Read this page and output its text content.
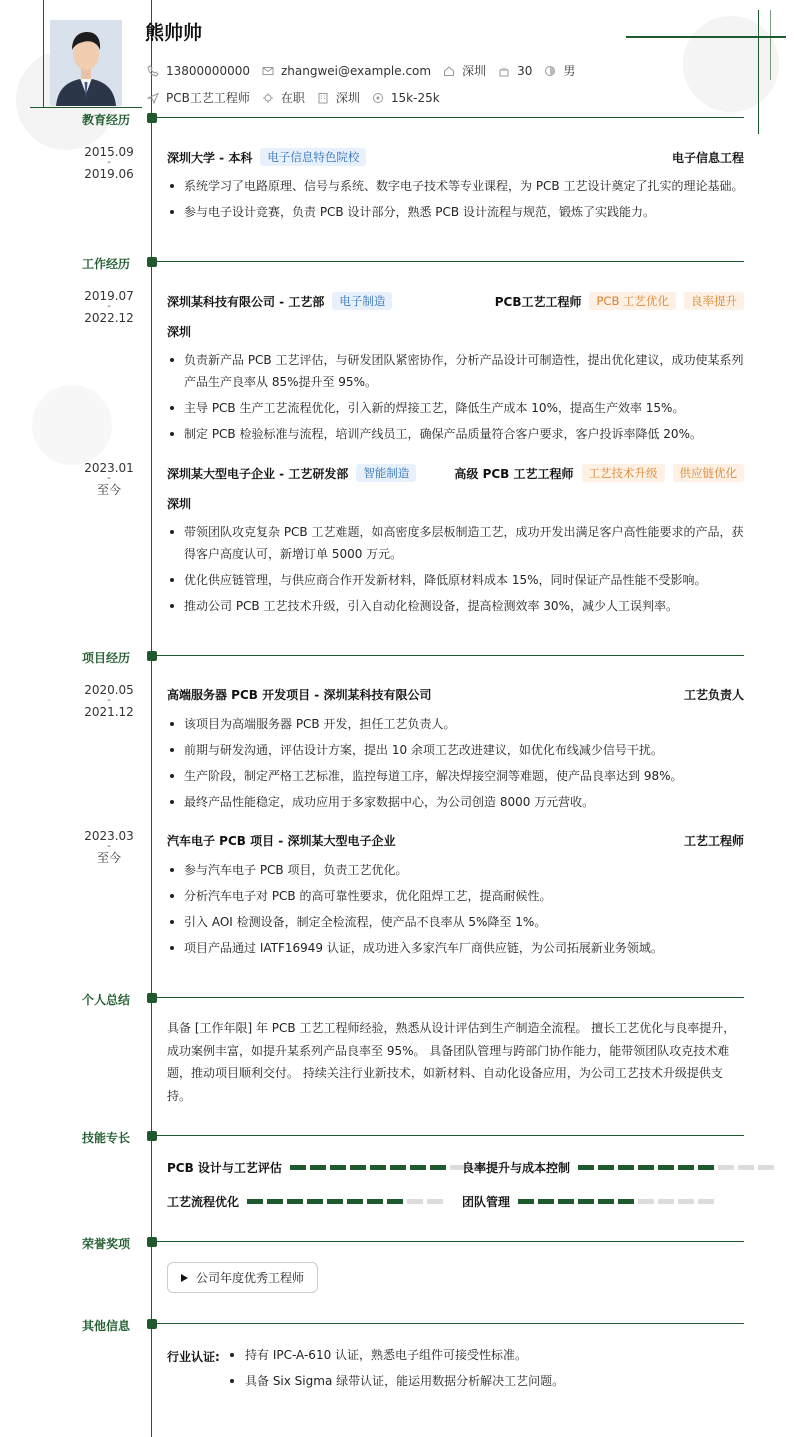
熊帅帅
13800000000	zhangwei@example.com	深圳	30	男
PCB工艺工程师	在职	深圳	15k-25k
教育经历
2015.09
-
2019.06
深圳大学 - 本科	电子信息特色院校	电子信息工程
系统学习了电路原理、信号与系统、数字电子技术等专业课程，为 PCB 工艺设计奠定了扎实的理论基础。
参与电子设计竞赛，负责 PCB 设计部分，熟悉 PCB 设计流程与规范，锻炼了实践能力。
工作经历
2019.07
-
2022.12
深圳某科技有限公司 - 工艺部	电子制造	PCB工艺工程师	PCB 工艺优化	良率提升
深圳
负责新产品 PCB 工艺评估，与研发团队紧密协作，分析产品设计可制造性，提出优化建议，成功使某系列产品生产良率从 85%提升至 95%。
主导 PCB 生产工艺流程优化，引入新的焊接工艺，降低生产成本 10%，提高生产效率 15%。
制定 PCB 检验标准与流程，培训产线员工，确保产品质量符合客户要求，客户投诉率降低 20%。
2023.01
-
至今
深圳某大型电子企业 - 工艺研发部	智能制造	高级 PCB 工艺工程师	工艺技术升级	供应链优化
深圳
带领团队攻克复杂 PCB 工艺难题，如高密度多层板制造工艺，成功开发出满足客户高性能要求的产品，获得客户高度认可，新增订单 5000 万元。
优化供应链管理，与供应商合作开发新材料，降低原材料成本 15%，同时保证产品性能不受影响。
推动公司 PCB 工艺技术升级，引入自动化检测设备，提高检测效率 30%，减少人工误判率。
项目经历
2020.05
-
2021.12
高端服务器 PCB 开发项目 - 深圳某科技有限公司	工艺负责人
该项目为高端服务器 PCB 开发，担任工艺负责人。
前期与研发沟通，评估设计方案，提出 10 余项工艺改进建议，如优化布线减少信号干扰。
生产阶段，制定严格工艺标准，监控每道工序，解决焊接空洞等难题，使产品良率达到 98%。
最终产品性能稳定，成功应用于多家数据中心，为公司创造 8000 万元营收。
2023.03
-
至今
汽车电子 PCB 项目 - 深圳某大型电子企业	工艺工程师
参与汽车电子 PCB 项目，负责工艺优化。
分析汽车电子对 PCB 的高可靠性要求，优化阻焊工艺，提高耐候性。
引入 AOI 检测设备，制定全检流程，使产品不良率从 5%降至 1%。
项目产品通过 IATF16949 认证，成功进入多家汽车厂商供应链，为公司拓展新业务领域。
个人总结
具备 [工作年限] 年 PCB 工艺工程师经验，熟悉从设计评估到生产制造全流程。 擅长工艺优化与良率提升，成功案例丰富，如提升某系列产品良率至 95%。 具备团队管理与跨部门协作能力，能带领团队攻克技术难题，推动项目顺利交付。 持续关注行业新技术，如新材料、自动化设备应用，为公司工艺技术升级提供支持。
技能专长
PCB 设计与工艺评估	良率提升与成本控制
工艺流程优化	团队管理
荣誉奖项
公司年度优秀工程师
其他信息
行业认证:	持有 IPC-A-610 认证，熟悉电子组件可接受性标准。
具备 Six Sigma 绿带认证，能运用数据分析解决工艺问题。
